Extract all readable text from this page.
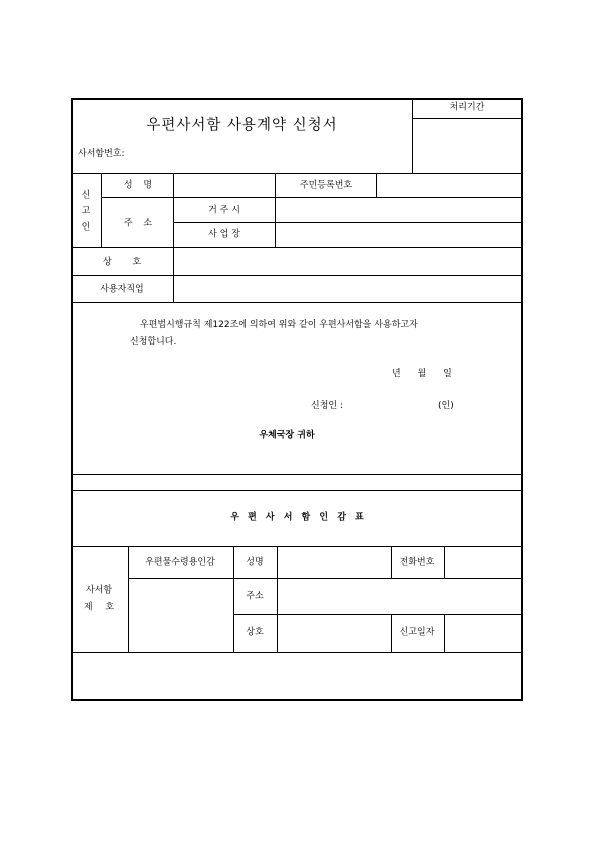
우편사서함 사용계약 신청서
처리기간
사서함번호:
신
고
인
성 명	주민등록번호
주 소
거 주 시
사 업 장
상 호
사용자직업
우편법시행규칙 제122조에 의하여 위와 같이 우편사서함을 사용하고자
신청합니다.
년 월 일
신청인 :	(인)
우체국장 귀하
우 편 사 서 함 인 감 표
사서함
제 호
우편물수령용인감	성명	전화번호
주소
상호	신고일자
